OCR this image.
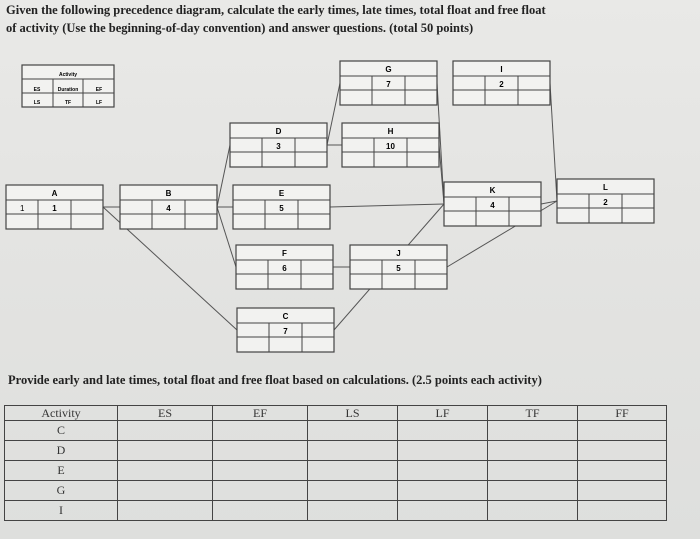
Given the following precedence diagram, calculate the early times, late times, total float and free float
of activity (Use the beginning-of-day convention) and answer questions. (total 50 points)
A
1
1
B
4
D
3
E
5
F
6
C
7
G
7
H
10
J
5
I
2
K
4
L
2
Activity
ES	Duration	EF
LS	TF	LF
Provide early and late times, total float and free float based on calculations. (2.5 points each activity)
Activity	ES	EF	LS	LF	TF	FF
C						
D						
E						
G						
I						
